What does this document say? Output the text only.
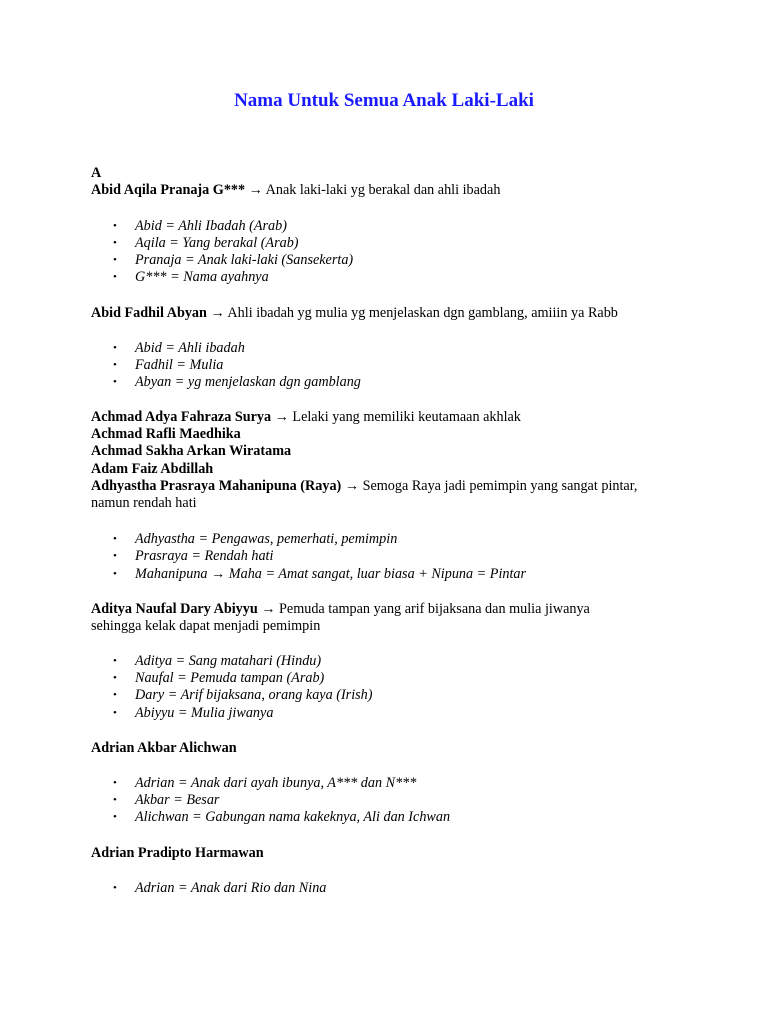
Nama Untuk Semua Anak Laki-Laki
A
Abid Aqila Pranaja G*** → Anak laki-laki yg berakal dan ahli ibadah
• Abid = Ahli Ibadah (Arab)
• Aqila = Yang berakal (Arab)
• Pranaja = Anak laki-laki (Sansekerta)
• G*** = Nama ayahnya
Abid Fadhil Abyan → Ahli ibadah yg mulia yg menjelaskan dgn gamblang, amiiin ya Rabb
• Abid = Ahli ibadah
• Fadhil = Mulia
• Abyan = yg menjelaskan dgn gamblang
Achmad Adya Fahraza Surya → Lelaki yang memiliki keutamaan akhlak
Achmad Rafli Maedhika
Achmad Sakha Arkan Wiratama
Adam Faiz Abdillah
Adhyastha Prasraya Mahanipuna (Raya) → Semoga Raya jadi pemimpin yang sangat pintar,
namun rendah hati
• Adhyastha = Pengawas, pemerhati, pemimpin
• Prasraya = Rendah hati
• Mahanipuna → Maha = Amat sangat, luar biasa + Nipuna = Pintar
Aditya Naufal Dary Abiyyu → Pemuda tampan yang arif bijaksana dan mulia jiwanya
sehingga kelak dapat menjadi pemimpin
• Aditya = Sang matahari (Hindu)
• Naufal = Pemuda tampan (Arab)
• Dary = Arif bijaksana, orang kaya (Irish)
• Abiyyu = Mulia jiwanya
Adrian Akbar Alichwan
• Adrian = Anak dari ayah ibunya, A*** dan N***
• Akbar = Besar
• Alichwan = Gabungan nama kakeknya, Ali dan Ichwan
Adrian Pradipto Harmawan
• Adrian = Anak dari Rio dan Nina
